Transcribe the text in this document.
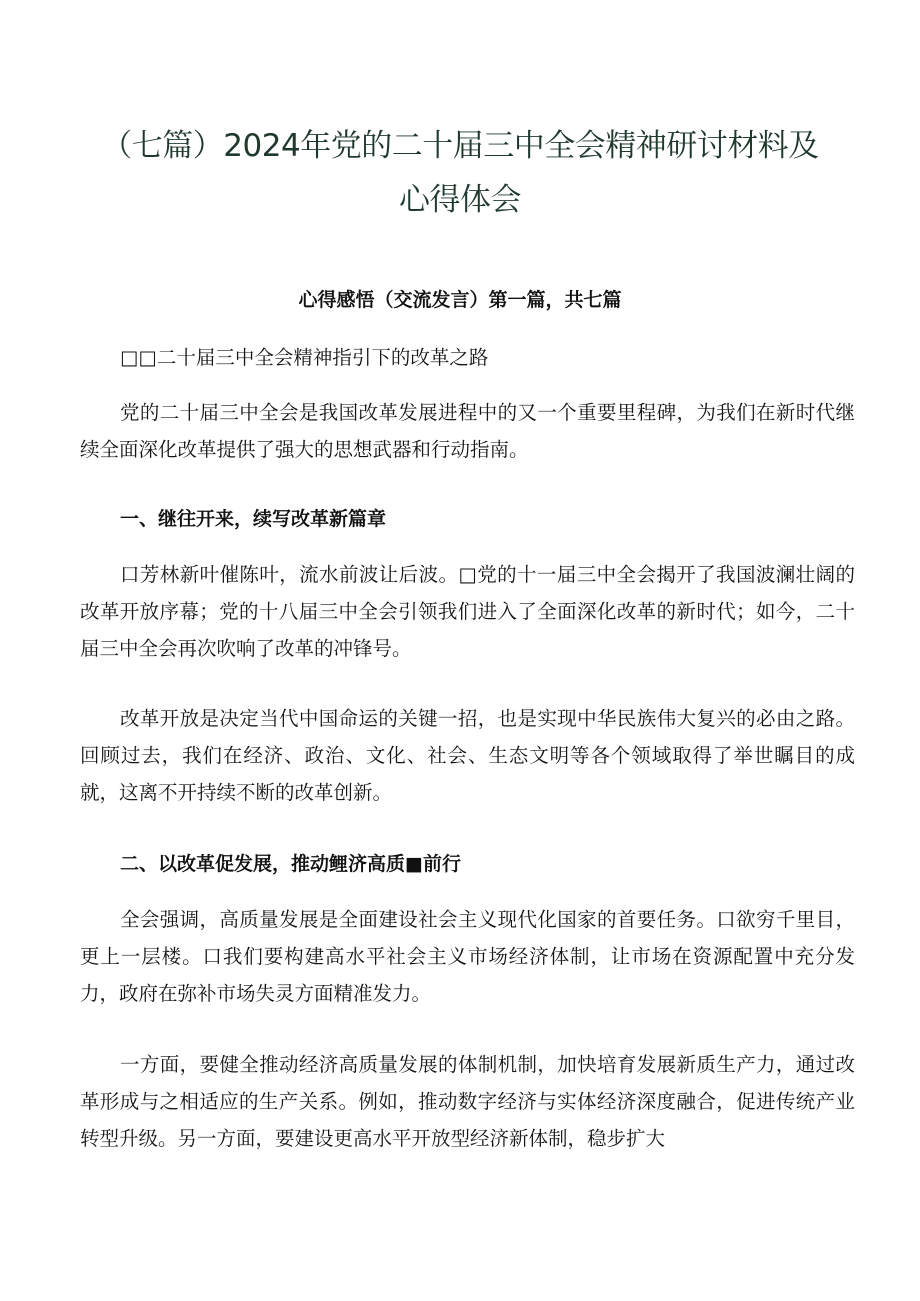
（七篇）2024年党的二十届三中全会精神研讨材料及
心得体会

心得感悟（交流发言）第一篇，共七篇

□□二十届三中全会精神指引下的改革之路

党的二十届三中全会是我国改革发展进程中的又一个重要里程碑，为我们在新时代继续全面深化改革提供了强大的思想武器和行动指南。

一、继往开来，续写改革新篇章

口芳林新叶催陈叶，流水前波让后波。□党的十一届三中全会揭开了我国波澜壮阔的改革开放序幕；党的十八届三中全会引领我们进入了全面深化改革的新时代；如今，二十届三中全会再次吹响了改革的冲锋号。

改革开放是决定当代中国命运的关键一招，也是实现中华民族伟大复兴的必由之路。回顾过去，我们在经济、政治、文化、社会、生态文明等各个领域取得了举世瞩目的成就，这离不开持续不断的改革创新。

二、以改革促发展，推动鲤济高质■前行

全会强调，高质量发展是全面建设社会主义现代化国家的首要任务。口欲穷千里目，更上一层楼。口我们要构建高水平社会主义市场经济体制，让市场在资源配置中充分发力，政府在弥补市场失灵方面精准发力。

一方面，要健全推动经济高质量发展的体制机制，加快培育发展新质生产力，通过改革形成与之相适应的生产关系。例如，推动数字经济与实体经济深度融合，促进传统产业转型升级。另一方面，要建设更高水平开放型经济新体制，稳步扩大
